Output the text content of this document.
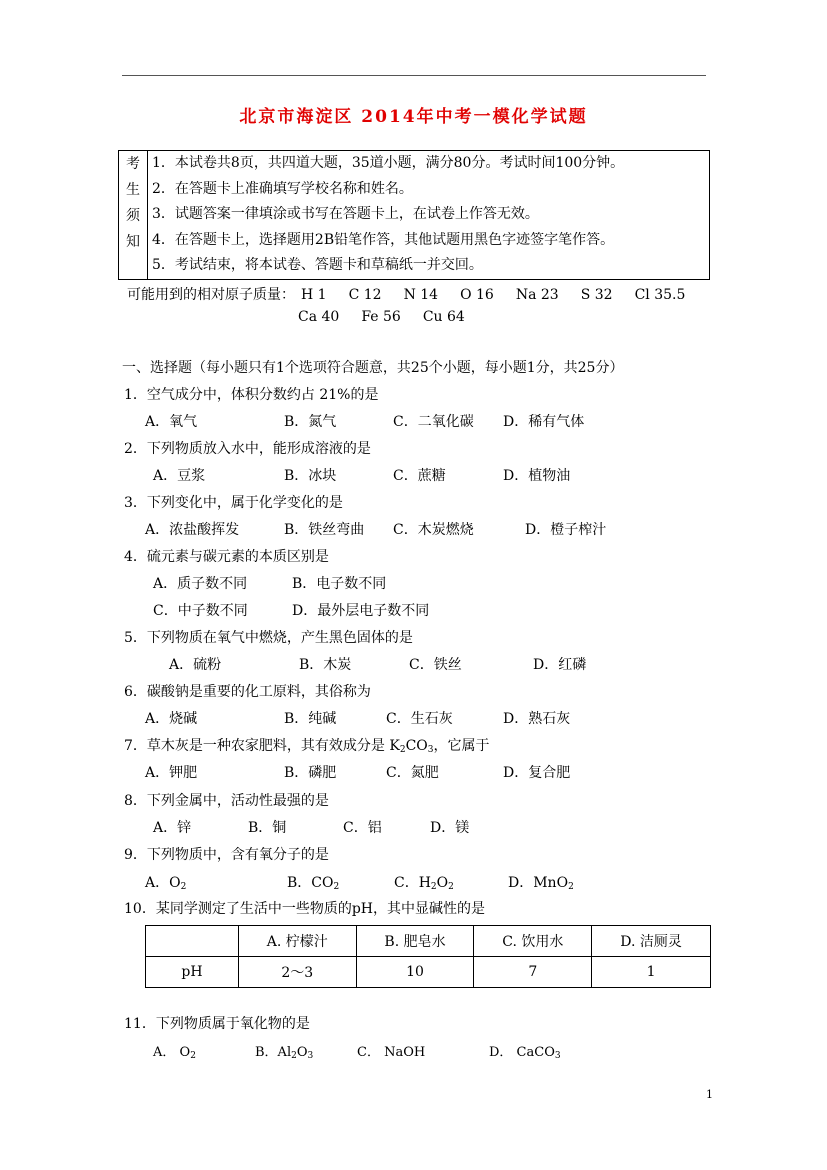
北京市海淀区 2014年中考一模化学试题
考
生
须
知

1．本试卷共8页，共四道大题，35道小题，满分80分。考试时间100分钟。
2．在答题卡上准确填写学校名称和姓名。
3．试题答案一律填涂或书写在答题卡上，在试卷上作答无效。
4．在答题卡上，选择题用2B铅笔作答，其他试题用黑色字迹签字笔作答。
5．考试结束，将本试卷、答题卡和草稿纸一并交回。
可能用到的相对原子质量： H 1 C 12 N 14 O 16 Na 23 S 32 Cl 35.5
Ca 40 Fe 56 Cu 64
一、选择题（每小题只有1个选项符合题意，共25个小题，每小题1分，共25分）
1．空气成分中，体积分数约占 21%的是
A．氧气	B．氮气	C．二氧化碳 D．稀有气体
2．下列物质放入水中，能形成溶液的是
A．豆浆	B．冰块	C．蔗糖	D．植物油
3．下列变化中，属于化学变化的是
A．浓盐酸挥发	B．铁丝弯曲 C．木炭燃烧	D．橙子榨汁
4．硫元素与碳元素的本质区别是
A．质子数不同	B．电子数不同
C．中子数不同	D．最外层电子数不同
5．下列物质在氧气中燃烧，产生黑色固体的是
A．硫粉	B．木炭	C．铁丝	D．红磷
6．碳酸钠是重要的化工原料，其俗称为
A．烧碱	B．纯碱	C．生石灰	D．熟石灰
7．草木灰是一种农家肥料，其有效成分是 $K_2CO_3$，它属于
A．钾肥	B．磷肥	C．氮肥	D．复合肥
8．下列金属中，活动性最强的是
A．锌	B．铜	C．铝	D．镁
9．下列物质中，含有氧分子的是
A．$O_2$	B．$CO_2$	C．$H_2O_2$	D．MnO$_2$
10．某同学测定了生活中一些物质的pH，其中显碱性的是
	A. 柠檬汁	B. 肥皂水	C. 饮用水	D. 洁厕灵
pH	2～3	10	7	1
11．下列物质属于氧化物的是
A． $O_2$	B．$Al_2O_3$	C． NaOH	D． CaCO$_3$
1
